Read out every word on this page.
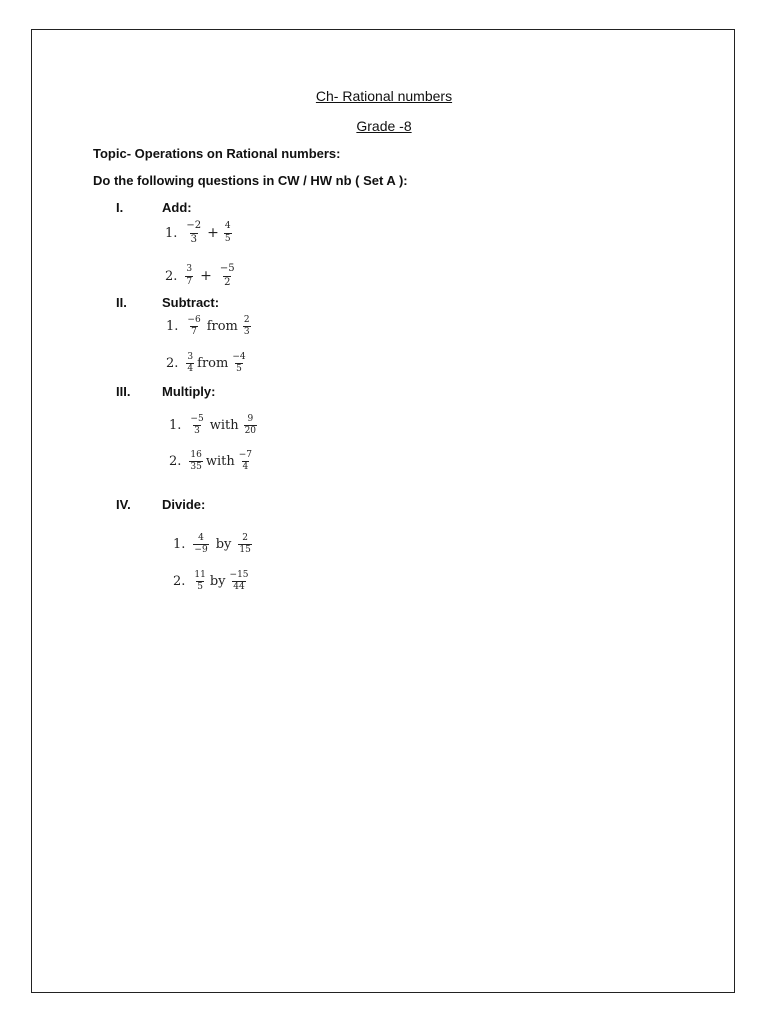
Ch- Rational numbers
Grade -8
Topic- Operations on Rational numbers:
Do the following questions in CW / HW nb ( Set A ):
I.	Add:
1. $\frac{-2}{3} + \frac{4}{5}$
2. $\frac{3}{7} + \frac{-5}{2}$
II.	Subtract:
1. $\frac{-6}{7}$ from $\frac{2}{3}$
2. $\frac{3}{4}$ from $\frac{-4}{5}$
III. Multiply:
1. $\frac{-5}{3}$ with $\frac{9}{20}$
2. $\frac{16}{35}$ with $\frac{-7}{4}$
IV. Divide:
1. $\frac{4}{-9}$ by $\frac{2}{15}$
2. $\frac{11}{5}$ by $\frac{-15}{44}$
